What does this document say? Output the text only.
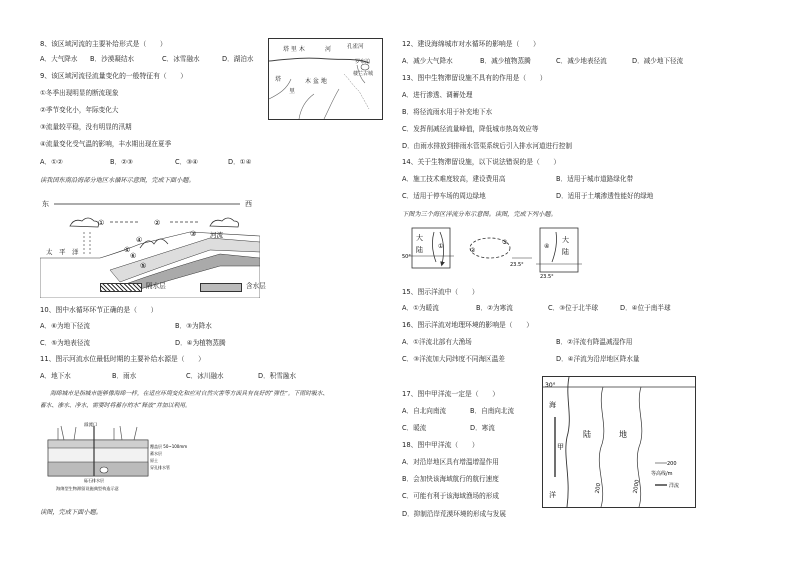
8、该区域河流的主要补给形式是（　　）
A．大气降水 B．沙漠凝结水	C．冰雪融水	D．湖泊水
9、该区域河流径流量变化的一般特征有（　　）
①冬季出现明显的断流现象
②季节变化小，年际变化大
③流量较平稳，没有明显的汛期
④流量变化受气温的影响，丰水期出现在夏季
A．①②	B．②③	C．③④	D．①④
塔 里 木	河	孔雀河
塔
里
木 盆 地
罗布泊
楼兰古城
读我国东南沿海部分地区水循环示意图，完成下面小题。
东	西
①	②
太　平　洋
河流
①
③
④
⑤
⑥
隔水层	含水层
10、图中水循环环节正确的是（　　）
A．⑥为地下径流	B．③为降水
C．⑤为地表径流	D．④为植物蒸腾
11、图示河流水位最低时期的主要补给水源是（　　）
A．地下水	B．雨水	C．冰川融水	D．积雪融水
海绵城市是指城市能够像海绵一样，在适应环境变化和应对自然灾害等方面具有良好的“弹性”。下雨时吸水、
蓄水、渗水、净水，需要时将蓄存的水“释放”并加以利用。
溢流口
覆盖层 50~100mm
蓄水层
原土
穿孔排水管
砾石排水层
海绵型生物滞留设施典型构造示意
读图，完成下面小题。
12、建设海绵城市对水循环的影响是（　　）
A．减少大气降水	B．减少植物蒸腾	C．减少地表径流	D．减少地下径流
13、图中生物滞留设施不具有的作用是（　　）
A．进行渗透、调蓄处理
B．将径流雨水用于补充地下水
C．发挥削减径流量峰值，降低城市热岛效应等
D．由雨水排放到排雨水管渠系统后引入排水河道进行控制
14、关于生物滞留设施，以下说法错误的是（　　）
A．施工技术难度较高，建设费用高	B．适用于城市道路绿化带
C．适用于停车场的周边绿地	D．适用于土壤渗透性能好的绿地
下图为三个海区洋流分布示意图。读图，完成下列小题。
大
陆	①
50°
②
③
23.5°
大
陆
④
23.5°
15、图示洋流中（　　）
A．①为暖流	B．②为寒流	C．③位于北半球	D．④位于南半球
16、图示洋流对地理环境的影响是（　　）
A．①洋流北部有大渔场	B．②洋流有降温减湿作用
C．③洋流加大同纬度不同海区温差	D．④洋流为沿岸地区降水量
17、图中甲洋流一定是（　　）
A．自北向南流	B．自南向北流
C．暖流	D．寒流
18、图中甲洋流（　　）
A．对沿岸地区具有增温增湿作用
B．会加快该海域航行的航行速度
C．可能有利于该海域渔场的形成
D．抑制沿岸荒漠环境的形成与发展
30°
海
甲
洋
陆	地
200	2000
200
等高线/m
洋流
